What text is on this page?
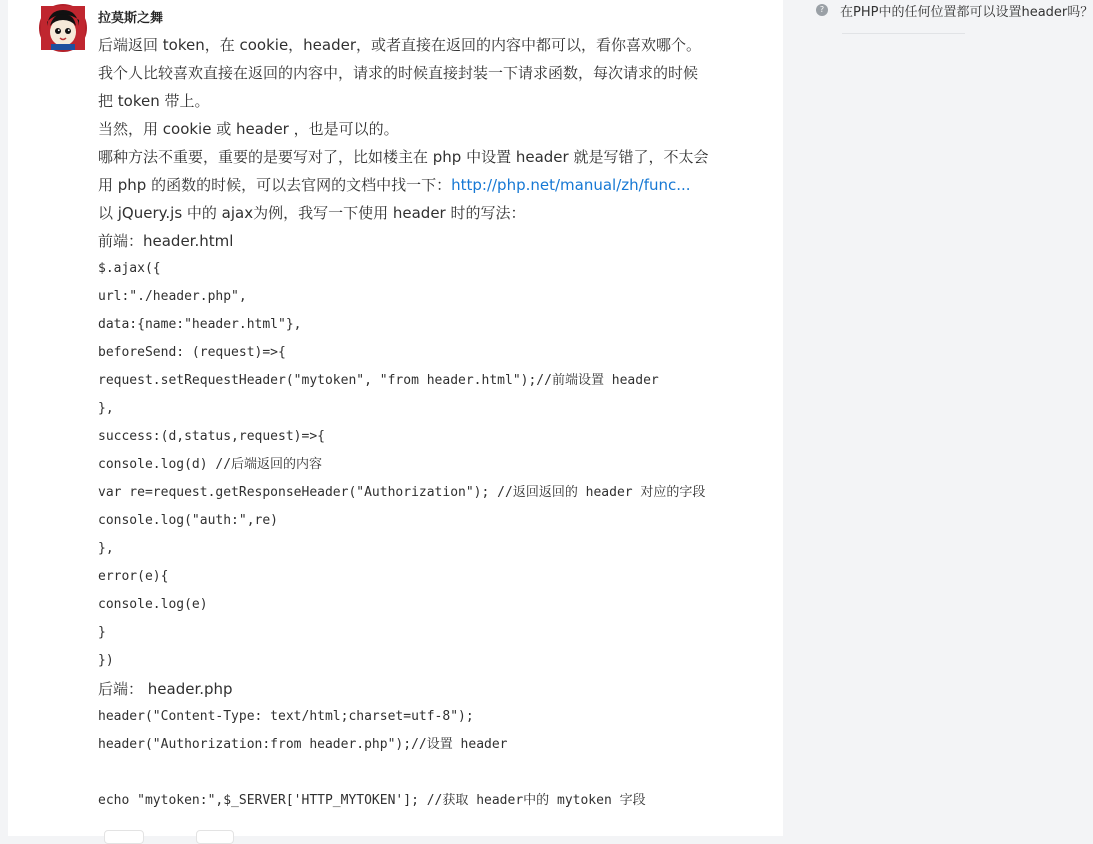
拉莫斯之舞
后端返回 token，在 cookie，header，或者直接在返回的内容中都可以，看你喜欢哪个。
我个人比较喜欢直接在返回的内容中，请求的时候直接封装一下请求函数，每次请求的时候
把 token 带上。
当然，用 cookie 或 header ，也是可以的。
哪种方法不重要，重要的是要写对了，比如楼主在 php 中设置 header 就是写错了，不太会
用 php 的函数的时候，可以去官网的文档中找一下：http://php.net/manual/zh/func...
以 jQuery.js 中的 ajax为例，我写一下使用 header 时的写法：
前端：header.html
$.ajax({
url:"./header.php",
data:{name:"header.html"},
beforeSend: (request)=>{
request.setRequestHeader("mytoken", "from header.html");//前端设置 header
},
success:(d,status,request)=>{
console.log(d) //后端返回的内容
var re=request.getResponseHeader("Authorization"); //返回返回的 header 对应的字段
console.log("auth:",re)
},
error(e){
console.log(e)
}
})
后端： header.php
header("Content-Type: text/html;charset=utf-8");
header("Authorization:from header.php");//设置 header
echo "mytoken:",$_SERVER['HTTP_MYTOKEN']; //获取 header中的 mytoken 字段
? 在PHP中的任何位置都可以设置header吗？
